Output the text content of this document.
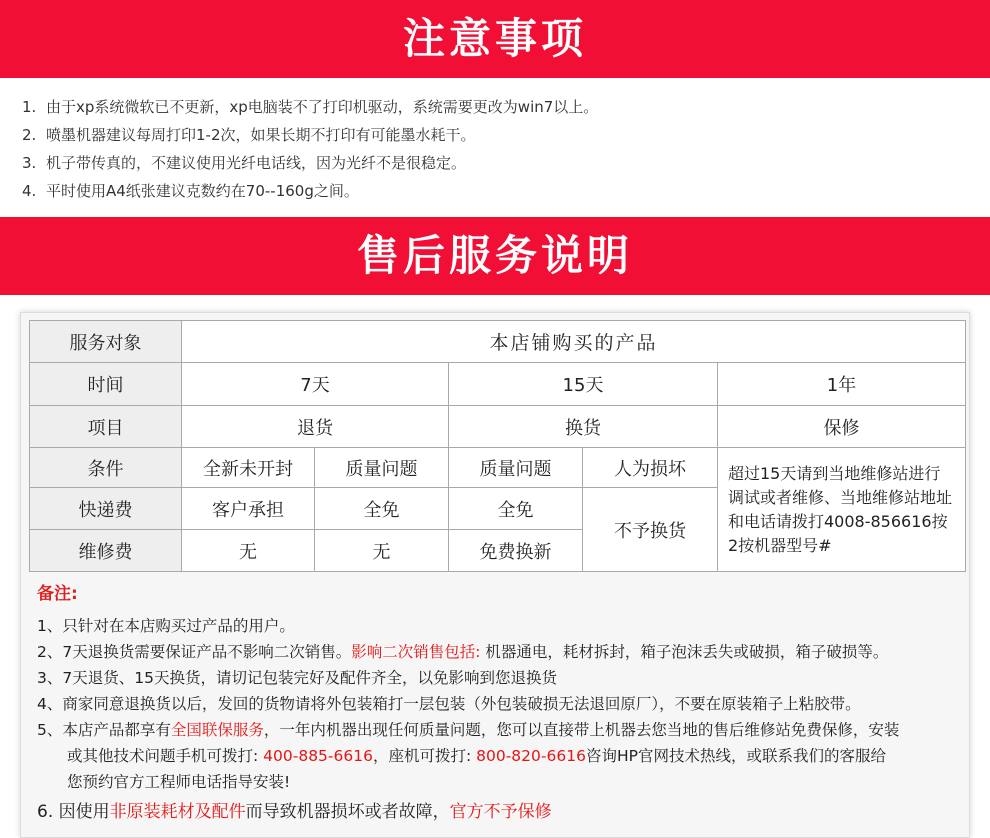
注意事项
1. 由于xp系统微软已不更新，xp电脑装不了打印机驱动，系统需要更改为win7以上。
2. 喷墨机器建议每周打印1-2次，如果长期不打印有可能墨水耗干。
3. 机子带传真的，不建议使用光纤电话线，因为光纤不是很稳定。
4. 平时使用A4纸张建议克数约在70--160g之间。
售后服务说明
服务对象	本店铺购买的产品				
时间	7天		15天		1年
项目	退货		换货		保修
条件	全新未开封	质量问题	质量问题	人为损坏	超过15天请到当地维修站进行调试或者维修、当地维修站地址和电话请拨打4008-856616按2按机器型号#
快递费	客户承担	全免	全免	不予换货	
维修费	无	无	免费换新		
备注:
1、只针对在本店购买过产品的用户。
2、7天退换货需要保证产品不影响二次销售。影响二次销售包括: 机器通电，耗材拆封，箱子泡沫丢失或破损，箱子破损等。
3、7天退货、15天换货，请切记包装完好及配件齐全，以免影响到您退换货
4、商家同意退换货以后，发回的货物请将外包装箱打一层包装（外包装破损无法退回原厂），不要在原装箱子上粘胶带。
5、本店产品都享有全国联保服务，一年内机器出现任何质量问题，您可以直接带上机器去您当地的售后维修站免费保修，安装
或其他技术问题手机可拨打: 400-885-6616，座机可拨打: 800-820-6616咨询HP官网技术热线，或联系我们的客服给
您预约官方工程师电话指导安装!
6. 因使用非原装耗材及配件而导致机器损坏或者故障，官方不予保修
